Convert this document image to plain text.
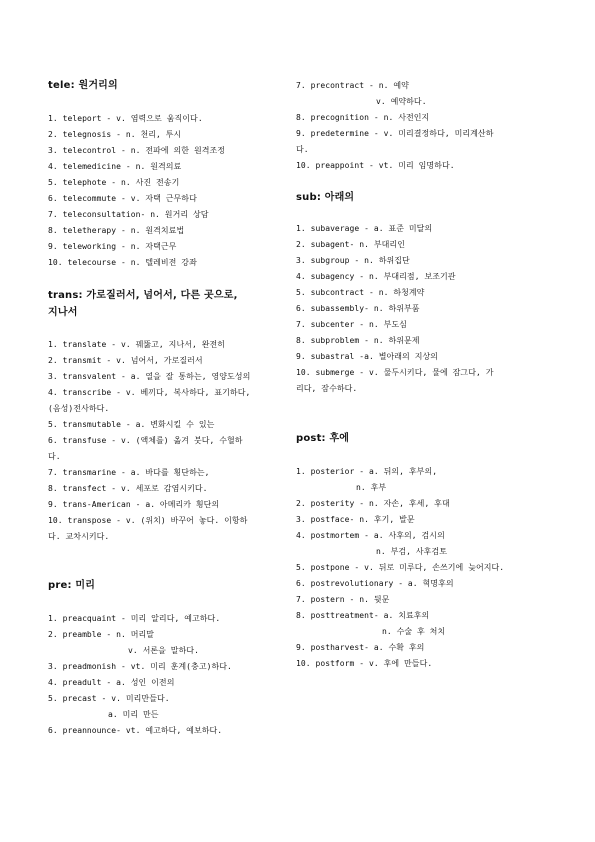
tele: 원거리의
1. teleport - v. 염력으로 움직이다.
2. telegnosis - n. 천리, 투시
3. telecontrol - n. 전파에 의한 원격조정
4. telemedicine - n. 원격의료
5. telephote - n. 사진 전송기
6. telecommute - v. 자택 근무하다
7. teleconsultation- n. 원거리 상담
8. teletherapy - n. 원격치료법
9. teleworking - n. 자택근무
10. telecourse - n. 텔레비전 강좌
trans: 가로질러서, 넘어서, 다른 곳으로,
지나서
1. translate - v. 꿰뚫고, 지나서, 완전히
2. transmit - v. 넘어서, 가로질러서
3. transvalent - a. 열을 잘 통하는, 영양도성의
4. transcribe - v. 베끼다, 복사하다, 표기하다,
(음성)전사하다.
5. transmutable - a. 변화시킬 수 있는
6. transfuse - v. (액체를) 옮겨 붓다, 수혈하
다.
7. transmarine - a. 바다를 횡단하는,
8. transfect - v. 세포로 감염시키다.
9. trans-American - a. 아메리카 횡단의
10. transpose - v. (위치) 바꾸어 놓다. 이항하
다. 교차시키다.
pre: 미리
1. preacquaint - 미리 알리다, 예고하다.
2. preamble - n. 머리말
v. 서론을 말하다.
3. preadmonish - vt. 미리 훈계(충고)하다.
4. preadult - a. 성인 이전의
5. precast - v. 미리만들다.
a. 미리 만든
6. preannounce- vt. 예고하다, 예보하다.
7. precontract - n. 예약
v. 예약하다.
8. precognition - n. 사전인지
9. predetermine - v. 미리결정하다, 미리계산하
다.
10. preappoint - vt. 미리 임명하다.
sub: 아래의
1. subaverage - a. 표준 미달의
2. subagent- n. 부대리인
3. subgroup - n. 하위집단
4. subagency - n. 부대리점, 보조기관
5. subcontract - n. 하청계약
6. subassembly- n. 하위부품
7. subcenter - n. 부도심
8. subproblem - n. 하위문제
9. subastral -a. 별아래의 지상의
10. submerge - v. 물두시키다, 물에 잠그다, 가
리다, 잠수하다.
post: 후에
1. posterior - a. 뒤의, 후부의,
n. 후부
2. posterity - n. 자손, 후세, 후대
3. postface- n. 후기, 발문
4. postmortem - a. 사후의, 검시의
n. 부검, 사후검토
5. postpone - v. 뒤로 미루다, 손쓰기에 늦어지다.
6. postrevolutionary - a. 혁명후의
7. postern - n. 뒷문
8. posttreatment- a. 치료후의
n. 수술 후 처치
9. postharvest- a. 수확 후의
10. postform - v. 후에 만들다.
